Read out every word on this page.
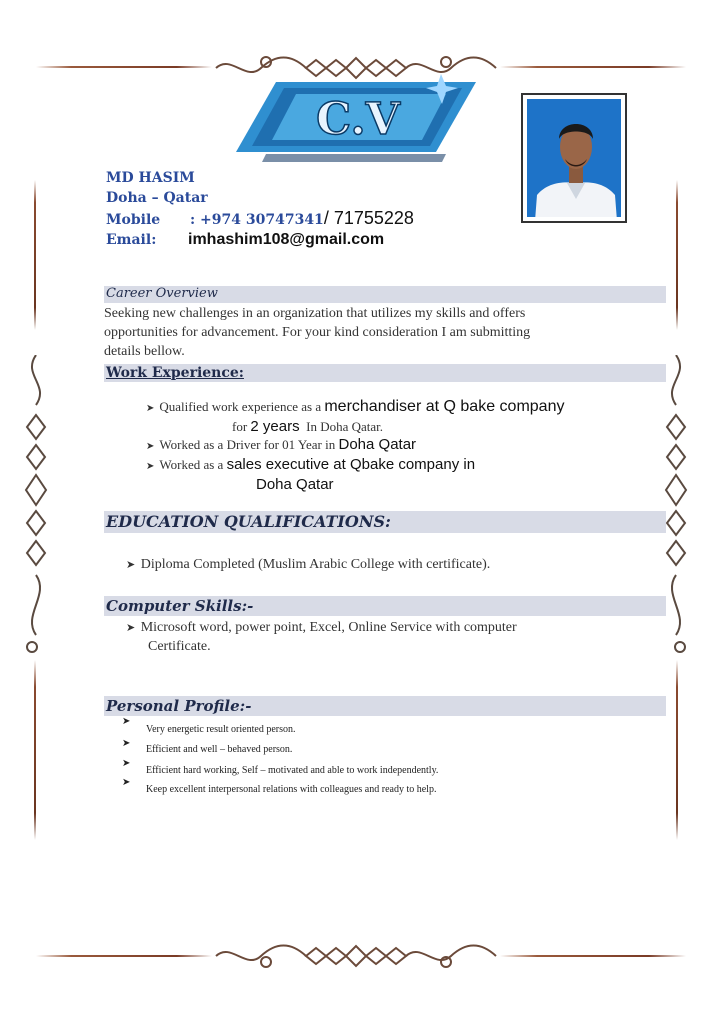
C.V
MD HASIM
Doha – Qatar
Mobile	: +974 30747341 / 71755228
Email:	imhashim108@gmail.com
Career Overview
Seeking new challenges in an organization that utilizes my skills and offers
opportunities for advancement. For your kind consideration I am submitting
details bellow.
Work Experience:
➤  Qualified work experience as a merchandiser at Q bake company
for 2 years In Doha Qatar.
➤  Worked as a Driver for 01 Year in Doha Qatar
➤  Worked as a sales executive at Qbake company in
Doha Qatar
EDUCATION QUALIFICATIONS:
➤  Diploma Completed (Muslim Arabic College with certificate).
Computer Skills:-
➤  Microsoft word, power point, Excel, Online Service with computer
Certificate.
Personal Profile:-
➤
Very energetic result oriented person.
➤
Efficient and well – behaved person.
➤
Efficient hard working, Self – motivated and able to work independently.
➤
Keep excellent interpersonal relations with colleagues and ready to help.
